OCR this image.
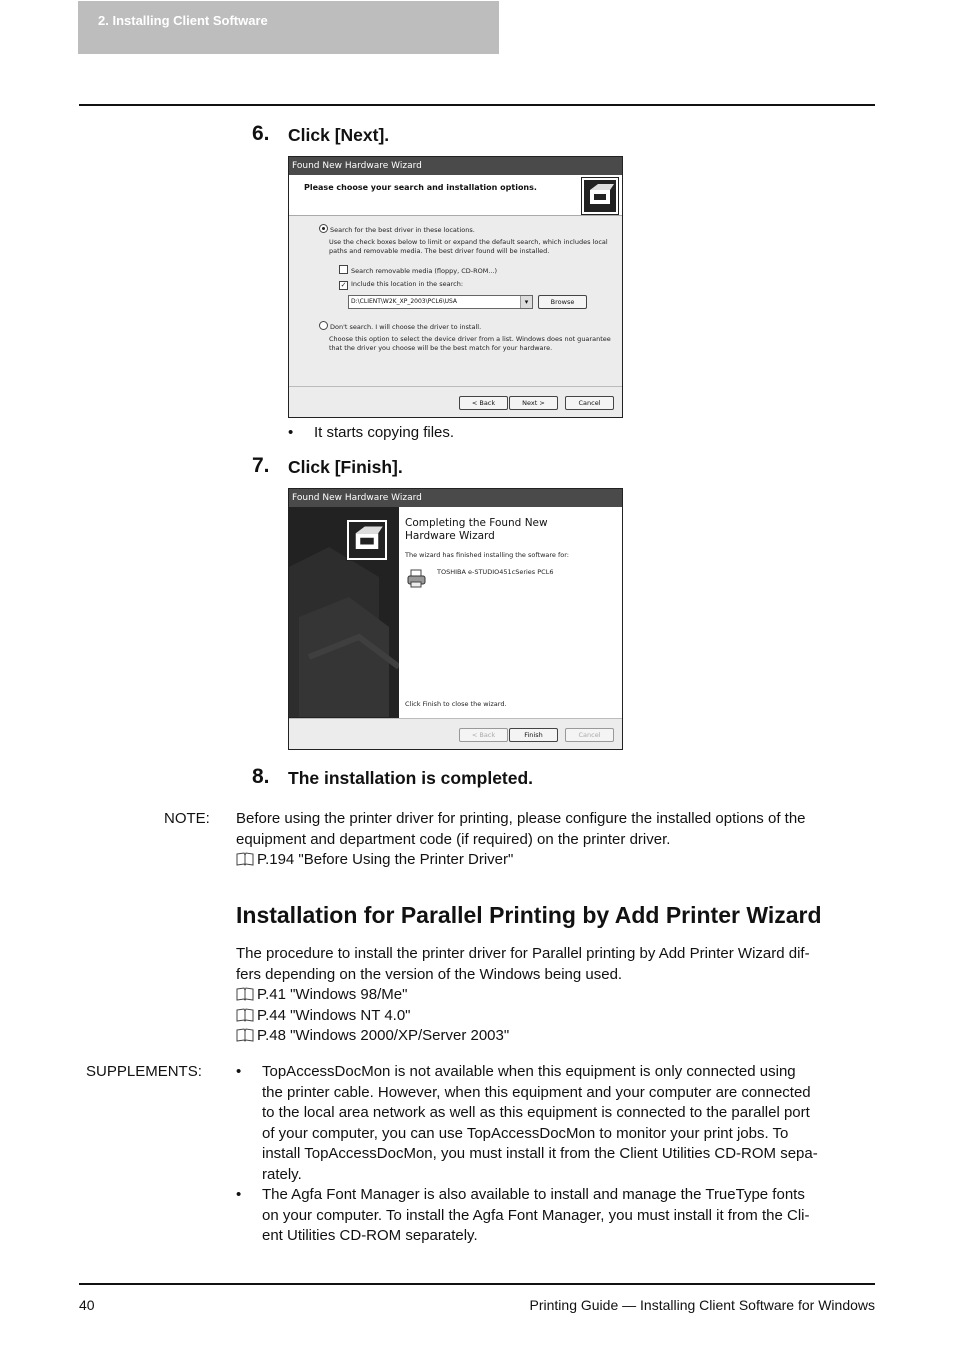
2. Installing Client Software
6. Click [Next].
Found New Hardware Wizard
Please choose your search and installation options.
Search for the best driver in these locations.
Use the check boxes below to limit or expand the default search, which includes local paths and removable media. The best driver found will be installed.
Search removable media (floppy, CD-ROM...)
✓ Include this location in the search:
D:\CLIENT\W2K_XP_2003\PCL6\USA	▾	Browse
Don't search. I will choose the driver to install.
Choose this option to select the device driver from a list. Windows does not guarantee that the driver you choose will be the best match for your hardware.
< Back	Next >	Cancel
• It starts copying files.
7. Click [Finish].
Found New Hardware Wizard
Completing the Found New
Hardware Wizard
The wizard has finished installing the software for:
TOSHIBA e-STUDIO451cSeries PCL6
Click Finish to close the wizard.
< Back	Finish	Cancel
8. The installation is completed.
NOTE: Before using the printer driver for printing, please configure the installed options of the
equipment and department code (if required) on the printer driver.
P.194 "Before Using the Printer Driver"
Installation for Parallel Printing by Add Printer Wizard
The procedure to install the printer driver for Parallel printing by Add Printer Wizard dif-
fers depending on the version of the Windows being used.
P.41 "Windows 98/Me"
P.44 "Windows NT 4.0"
P.48 "Windows 2000/XP/Server 2003"
SUPPLEMENTS: • TopAccessDocMon is not available when this equipment is only connected using
the printer cable. However, when this equipment and your computer are connected
to the local area network as well as this equipment is connected to the parallel port
of your computer, you can use TopAccessDocMon to monitor your print jobs. To
install TopAccessDocMon, you must install it from the Client Utilities CD-ROM sepa-
rately.
• The Agfa Font Manager is also available to install and manage the TrueType fonts
on your computer. To install the Agfa Font Manager, you must install it from the Cli-
ent Utilities CD-ROM separately.
40	Printing Guide — Installing Client Software for Windows
